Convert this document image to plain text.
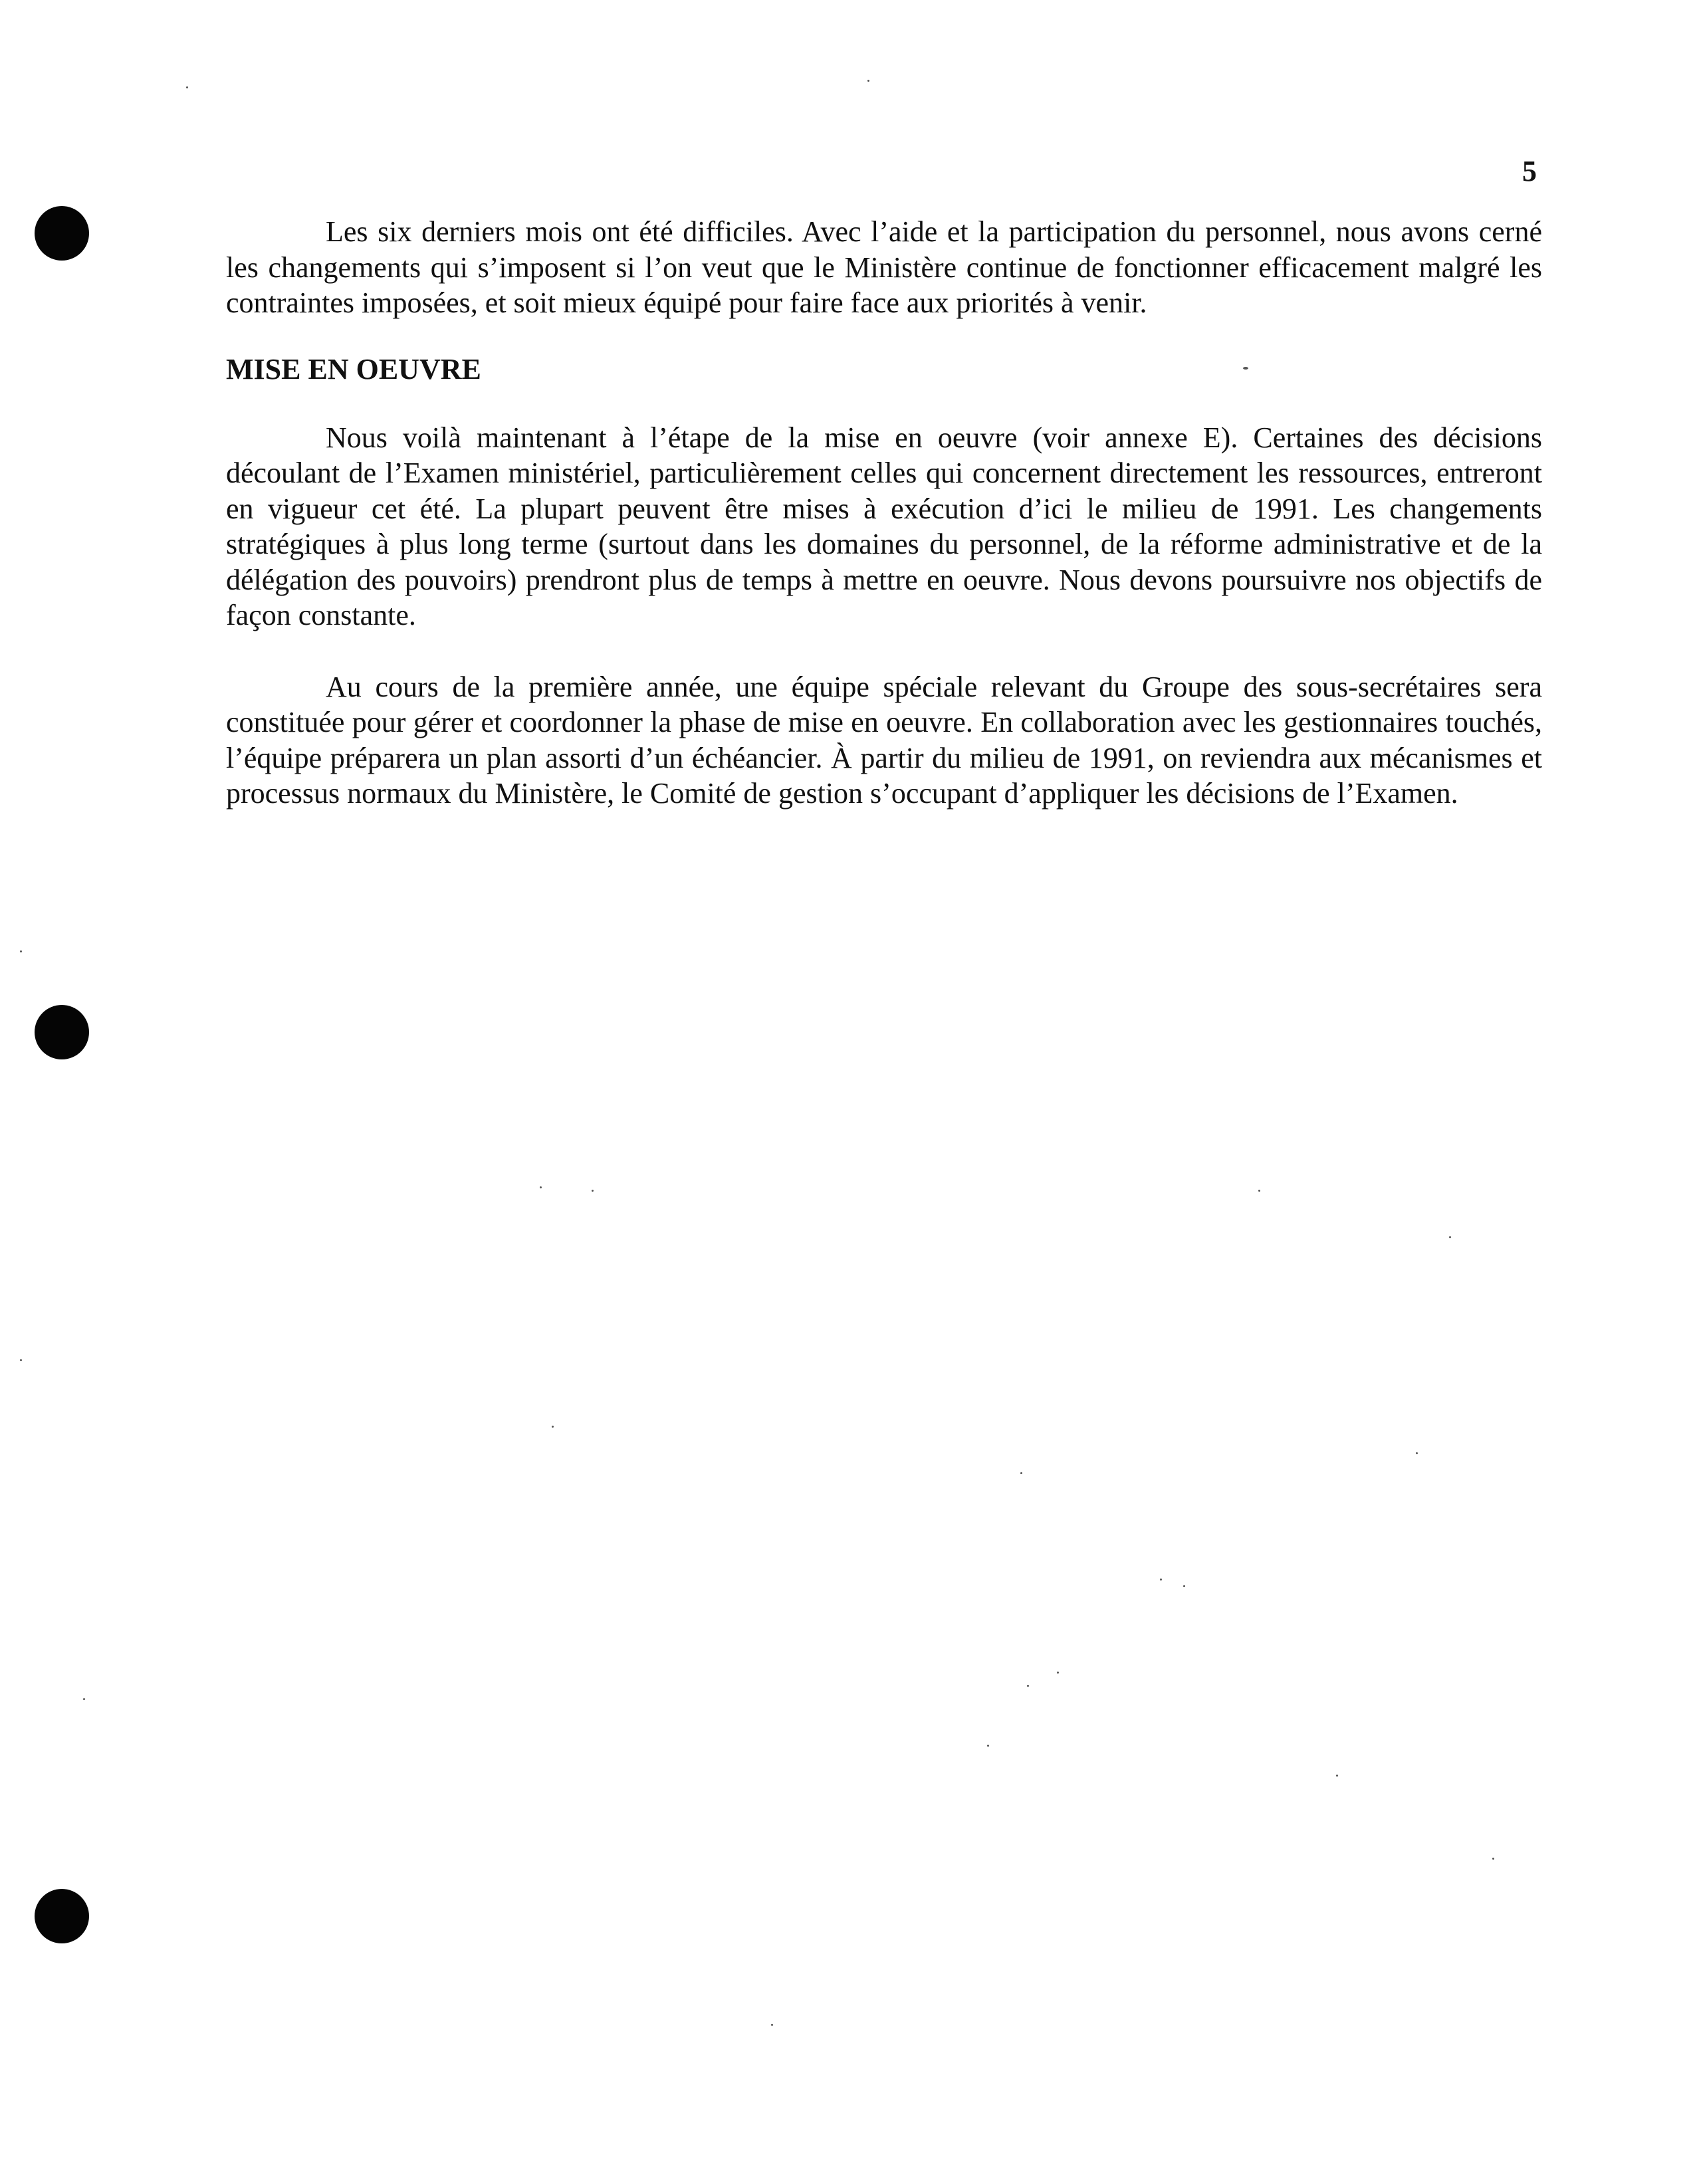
5

Les six derniers mois ont été difficiles. Avec l’aide et la participation du personnel, nous avons cerné les changements qui s’imposent si l’on veut que le Ministère continue de fonctionner efficacement malgré les contraintes imposées, et soit mieux équipé pour faire face aux priorités à venir.

MISE EN OEUVRE

Nous voilà maintenant à l’étape de la mise en oeuvre (voir annexe E). Certaines des décisions découlant de l’Examen ministériel, particulièrement celles qui concernent directement les ressources, entreront en vigueur cet été. La plupart peuvent être mises à exécution d’ici le milieu de 1991. Les changements stratégiques à plus long terme (surtout dans les domaines du personnel, de la réforme administrative et de la délégation des pouvoirs) prendront plus de temps à mettre en oeuvre. Nous devons poursuivre nos objectifs de façon constante.

Au cours de la première année, une équipe spéciale relevant du Groupe des sous-secrétaires sera constituée pour gérer et coordonner la phase de mise en oeuvre. En collaboration avec les gestionnaires touchés, l’équipe préparera un plan assorti d’un échéancier. À partir du milieu de 1991, on reviendra aux mécanismes et processus normaux du Ministère, le Comité de gestion s’occupant d’appliquer les décisions de l’Examen.
